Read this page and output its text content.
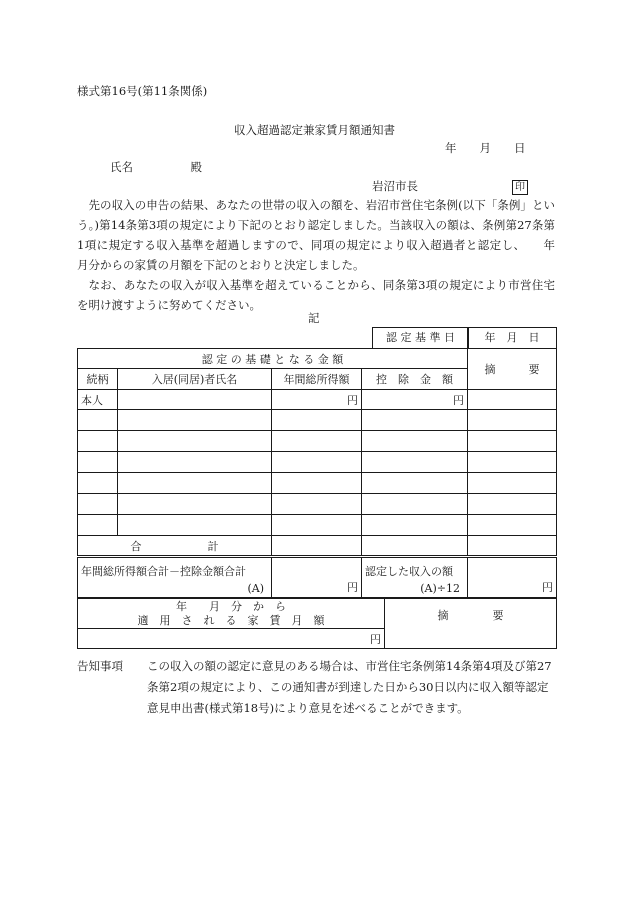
様式第16号(第11条関係)
収入超過認定兼家賃月額通知書
年　　月　　日
氏名　　　　　殿
岩沼市長	印

先の収入の申告の結果、あなたの世帯の収入の額を、岩沼市営住宅条例(以下「条例」という。)第14条第3項の規定により下記のとおり認定しました。当該収入の額は、条例第27条第1項に規定する収入基準を超過しますので、同項の規定により収入超過者と認定し、　　年　　月分からの家賃の月額を下記のとおりと決定しました。

なお、あなたの収入が収入基準を超えていることから、同条第3項の規定により市営住宅を明け渡すように努めてください。

記
認 定 基 準 日	年　月　日
認 定 の 基 礎 と な る 金 額				摘　　　要
続柄	入居(同居)者氏名	年間総所得額	控　除　金　額	
本人		円	円	

合　　　　　　計				
年間総所得額合計－控除金額合計
(A)	円	
認定した収入の額
(A)÷12	円
年　　月　分　か　ら
適　用　さ　れ　る　家　賃　月　額	摘　　　　要
円
告知事項 この収入の額の認定に意見のある場合は、市営住宅条例第14条第4項及び第27条第2項の規定により、この通知書が到達した日から30日以内に収入額等認定意見申出書(様式第18号)により意見を述べることができます。
